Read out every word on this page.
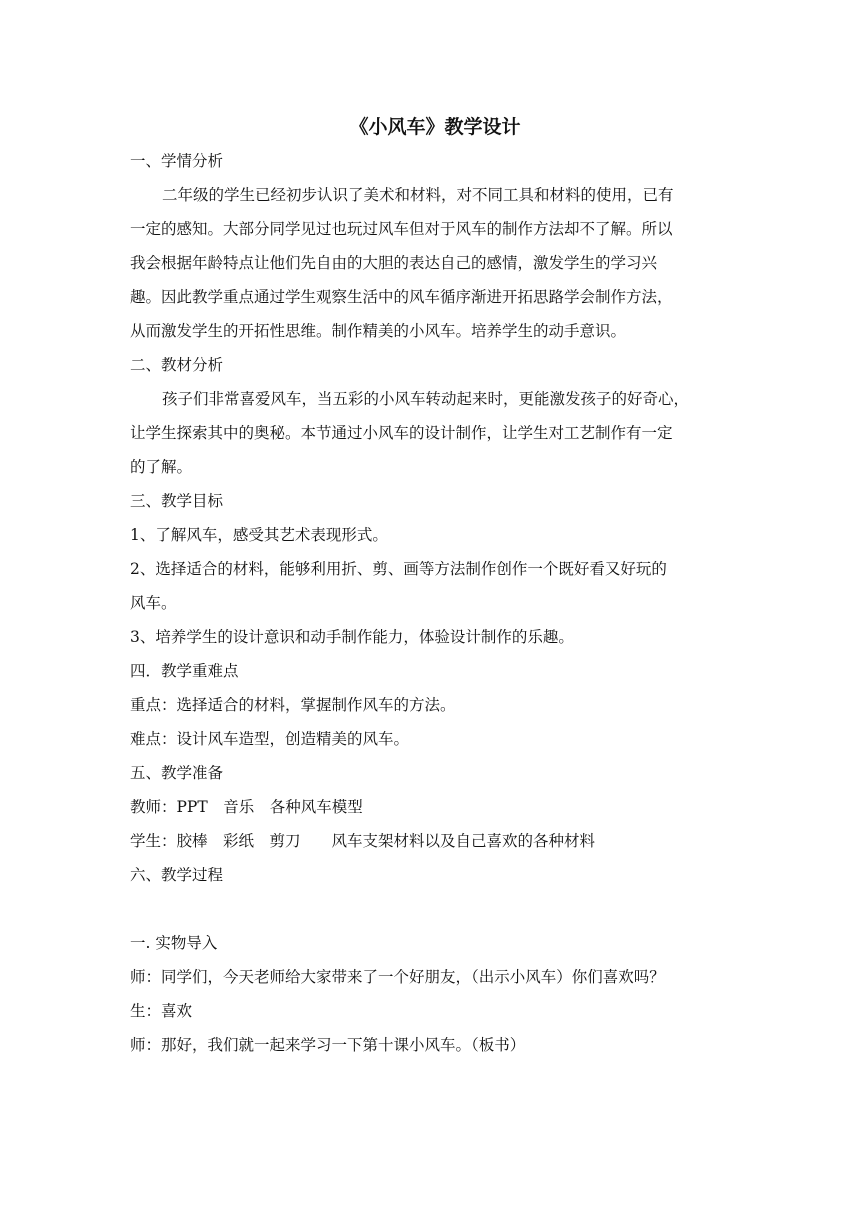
《小风车》教学设计

一、学情分析

二年级的学生已经初步认识了美术和材料，对不同工具和材料的使用，已有

一定的感知。大部分同学见过也玩过风车但对于风车的制作方法却不了解。所以

我会根据年龄特点让他们先自由的大胆的表达自己的感情，激发学生的学习兴

趣。因此教学重点通过学生观察生活中的风车循序渐进开拓思路学会制作方法，

从而激发学生的开拓性思维。制作精美的小风车。培养学生的动手意识。

二、教材分析

孩子们非常喜爱风车，当五彩的小风车转动起来时，更能激发孩子的好奇心，

让学生探索其中的奥秘。本节通过小风车的设计制作，让学生对工艺制作有一定

的了解。

三、教学目标

1、了解风车，感受其艺术表现形式。

2、选择适合的材料，能够利用折、剪、画等方法制作创作一个既好看又好玩的

风车。

3、培养学生的设计意识和动手制作能力，体验设计制作的乐趣。

四．教学重难点

重点：选择适合的材料，掌握制作风车的方法。

难点：设计风车造型，创造精美的风车。

五、教学准备

教师：PPT　音乐　各种风车模型

学生：胶棒　彩纸　剪刀　　风车支架材料以及自己喜欢的各种材料

六、教学过程

一. 实物导入

师：同学们，今天老师给大家带来了一个好朋友，（出示小风车）你们喜欢吗？

生：喜欢

师：那好，我们就一起来学习一下第十课小风车。（板书）
